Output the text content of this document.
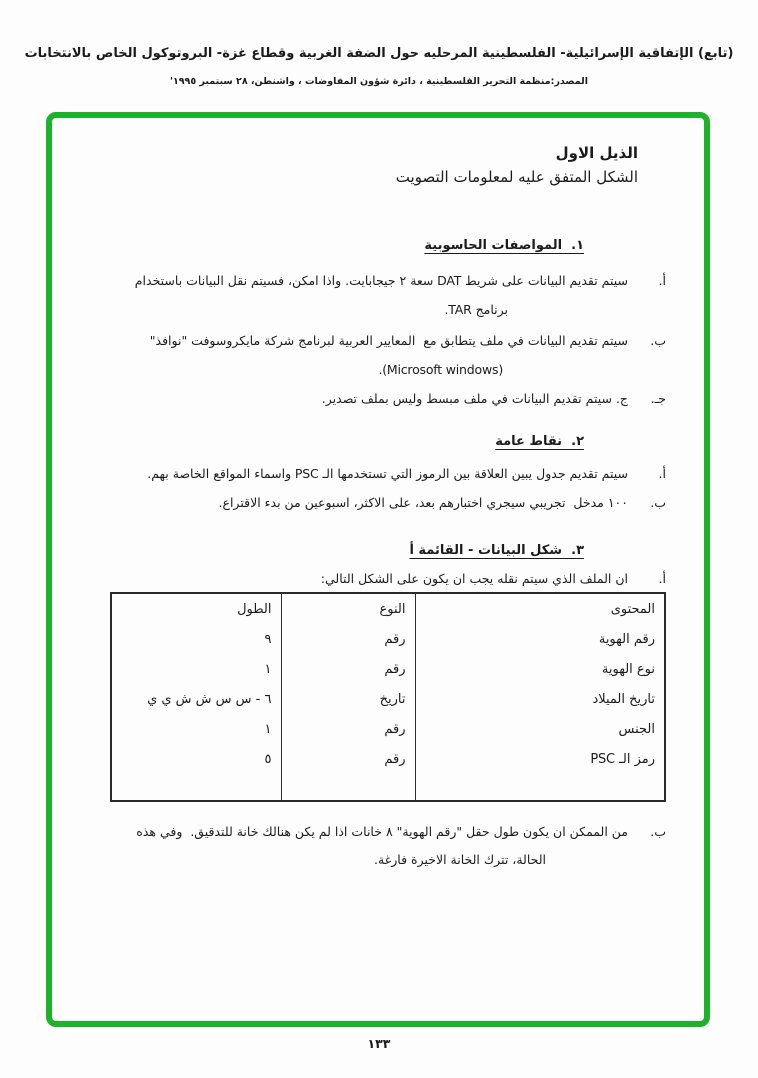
(تابع) الإتفاقية الإسرائيلية- الفلسطينية المرحليه حول الضفة الغربية وقطاع غزة- البروتوكول الخاص بالانتخابات
المصدر:منظمة التحرير الفلسطينية ، دائرة شؤون المفاوضات ، واشنطن، ٢٨ سبتمبر ١٩٩٥'
الذيل الاول
الشكل المتفق عليه لمعلومات التصويت
١.  المواصفات الحاسوبية
أ.
سيتم تقديم البيانات على شريط DAT سعة ٢ جيجابايت. واذا امكن، فسيتم نقل البيانات باستخدام
برنامج TAR.
ب.
سيتم تقديم البيانات في ملف يتطابق مع  المعايير العربية لبرنامج شركة مايكروسوفت "نوافذ"
(Microsoft windows).
جـ.
ج. سيتم تقديم البيانات في ملف مبسط وليس بملف تصدير.
٢.  نقاط عامة
أ.
سيتم تقديم جدول يبين العلاقة بين الرموز التي تستخدمها الـ PSC واسماء المواقع الخاصة بهم.
ب.
١٠٠ مدخل  تجريبي سيجري اختبارهم بعد، على الاكثر، اسبوعين من بدء الاقتراع.
٣.  شكل البيانات - القائمة أ
أ.
ان الملف الذي سيتم نقله يجب ان يكون على الشكل التالي:
المحتوى	النوع	الطول
رقم الهوية	رقم	٩
نوع الهوية	رقم	١
تاريخ الميلاد	تاريخ	٦ - س س ش ش ي ي
الجنس	رقم	١
رمز الـ PSC	رقم	٥

ب.
من الممكن ان يكون طول حقل "رقم الهوية" ٨ خانات اذا لم يكن هنالك خانة للتدقيق.  وفي هذه
الحالة، تترك الخانة الاخيرة فارغة.
١٣٣
